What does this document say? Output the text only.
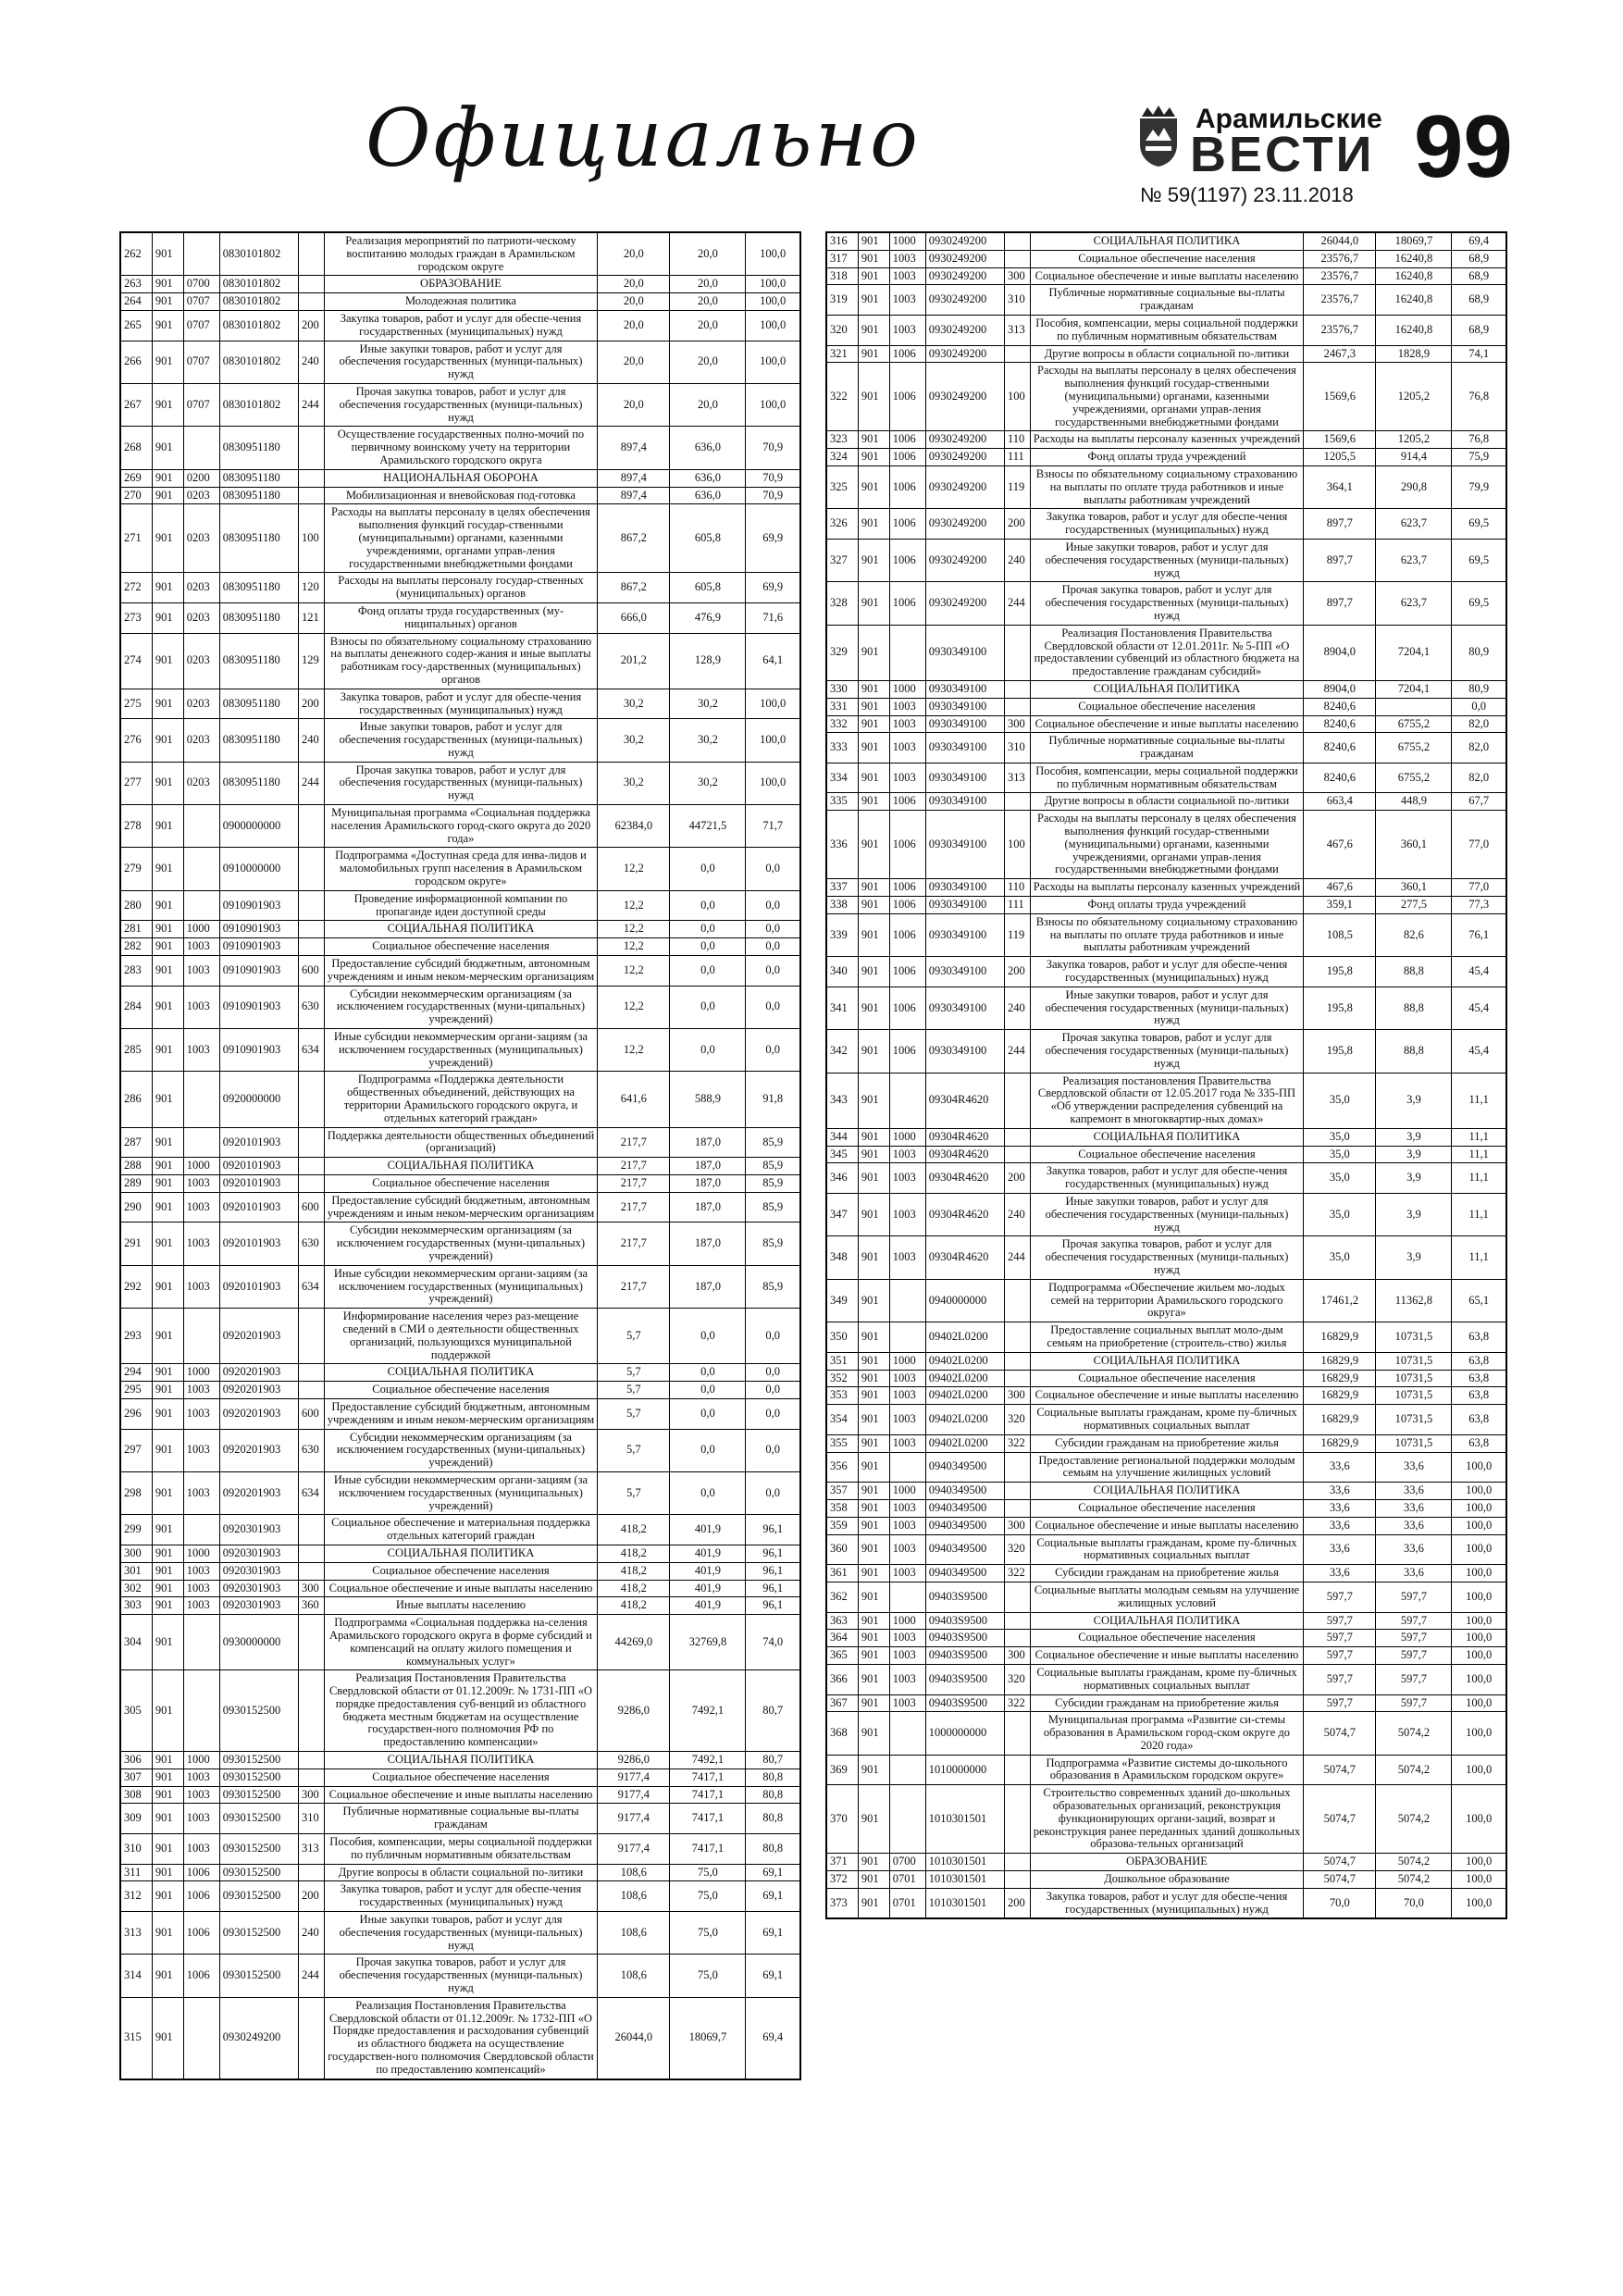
Официально	Арамильские
ВЕСТИ 99
№ 59(1197) 23.11.2018
262	901		0830101802		Реализация мероприятий по патриоти-ческому воспитанию молодых граждан в Арамильском городском округе	20,0	20,0	100,0
263	901	0700	0830101802		ОБРАЗОВАНИЕ	20,0	20,0	100,0
264	901	0707	0830101802		Молодежная политика	20,0	20,0	100,0
265	901	0707	0830101802	200	Закупка товаров, работ и услуг для обеспе-чения государственных (муниципальных) нужд	20,0	20,0	100,0
266	901	0707	0830101802	240	Иные закупки товаров, работ и услуг для обеспечения государственных (муници-пальных) нужд	20,0	20,0	100,0
267	901	0707	0830101802	244	Прочая закупка товаров, работ и услуг для обеспечения государственных (муници-пальных) нужд	20,0	20,0	100,0
268	901		0830951180		Осуществление государственных полно-мочий по первичному воинскому учету на территории Арамильского городского округа	897,4	636,0	70,9
269	901	0200	0830951180		НАЦИОНАЛЬНАЯ ОБОРОНА	897,4	636,0	70,9
270	901	0203	0830951180		Мобилизационная и вневойсковая под-готовка	897,4	636,0	70,9
271	901	0203	0830951180	100	Расходы на выплаты персоналу в целях обеспечения выполнения функций государ-ственными (муниципальными) органами, казенными учреждениями, органами управ-ления государственными внебюджетными фондами	867,2	605,8	69,9
272	901	0203	0830951180	120	Расходы на выплаты персоналу государ-ственных (муниципальных) органов	867,2	605,8	69,9
273	901	0203	0830951180	121	Фонд оплаты труда государственных (му-ниципальных) органов	666,0	476,9	71,6
274	901	0203	0830951180	129	Взносы по обязательному социальному страхованию на выплаты денежного содер-жания и иные выплаты работникам госу-дарственных (муниципальных) органов	201,2	128,9	64,1
275	901	0203	0830951180	200	Закупка товаров, работ и услуг для обеспе-чения государственных (муниципальных) нужд	30,2	30,2	100,0
276	901	0203	0830951180	240	Иные закупки товаров, работ и услуг для обеспечения государственных (муници-пальных) нужд	30,2	30,2	100,0
277	901	0203	0830951180	244	Прочая закупка товаров, работ и услуг для обеспечения государственных (муници-пальных) нужд	30,2	30,2	100,0
278	901		0900000000		Муниципальная программа «Социальная поддержка населения Арамильского город-ского округа до 2020 года»	62384,0	44721,5	71,7
279	901		0910000000		Подпрограмма «Доступная среда для инва-лидов и маломобильных групп населения в Арамильском городском округе»	12,2	0,0	0,0
280	901		0910901903		Проведение информационной компании по пропаганде идеи доступной среды	12,2	0,0	0,0
281	901	1000	0910901903		СОЦИАЛЬНАЯ ПОЛИТИКА	12,2	0,0	0,0
282	901	1003	0910901903		Социальное обеспечение населения	12,2	0,0	0,0
283	901	1003	0910901903	600	Предоставление субсидий бюджетным, автономным учреждениям и иным неком-мерческим организациям	12,2	0,0	0,0
284	901	1003	0910901903	630	Субсидии некоммерческим организациям (за исключением государственных (муни-ципальных) учреждений)	12,2	0,0	0,0
285	901	1003	0910901903	634	Иные субсидии некоммерческим органи-зациям (за исключением государственных (муниципальных) учреждений)	12,2	0,0	0,0
286	901		0920000000		Подпрограмма «Поддержка деятельности общественных объединений, действующих на территории Арамильского городского округа, и отдельных категорий граждан»	641,6	588,9	91,8
287	901		0920101903		Поддержка деятельности общественных объединений (организаций)	217,7	187,0	85,9
288	901	1000	0920101903		СОЦИАЛЬНАЯ ПОЛИТИКА	217,7	187,0	85,9
289	901	1003	0920101903		Социальное обеспечение населения	217,7	187,0	85,9
290	901	1003	0920101903	600	Предоставление субсидий бюджетным, автономным учреждениям и иным неком-мерческим организациям	217,7	187,0	85,9
291	901	1003	0920101903	630	Субсидии некоммерческим организациям (за исключением государственных (муни-ципальных) учреждений)	217,7	187,0	85,9
292	901	1003	0920101903	634	Иные субсидии некоммерческим органи-зациям (за исключением государственных (муниципальных) учреждений)	217,7	187,0	85,9
293	901		0920201903		Информирование населения через раз-мещение сведений в СМИ о деятельности общественных организаций, пользующихся муниципальной поддержкой	5,7	0,0	0,0
294	901	1000	0920201903		СОЦИАЛЬНАЯ ПОЛИТИКА	5,7	0,0	0,0
295	901	1003	0920201903		Социальное обеспечение населения	5,7	0,0	0,0
296	901	1003	0920201903	600	Предоставление субсидий бюджетным, автономным учреждениям и иным неком-мерческим организациям	5,7	0,0	0,0
297	901	1003	0920201903	630	Субсидии некоммерческим организациям (за исключением государственных (муни-ципальных) учреждений)	5,7	0,0	0,0
298	901	1003	0920201903	634	Иные субсидии некоммерческим органи-зациям (за исключением государственных (муниципальных) учреждений)	5,7	0,0	0,0
299	901		0920301903		Социальное обеспечение и материальная поддержка отдельных категорий граждан	418,2	401,9	96,1
300	901	1000	0920301903		СОЦИАЛЬНАЯ ПОЛИТИКА	418,2	401,9	96,1
301	901	1003	0920301903		Социальное обеспечение населения	418,2	401,9	96,1
302	901	1003	0920301903	300	Социальное обеспечение и иные выплаты населению	418,2	401,9	96,1
303	901	1003	0920301903	360	Иные выплаты населению	418,2	401,9	96,1
304	901		0930000000		Подпрограмма «Социальная поддержка на-селения Арамильского городского округа в форме субсидий и компенсаций на оплату жилого помещения и коммунальных услуг»	44269,0	32769,8	74,0
305	901		0930152500		Реализация Постановления Правительства Свердловской области от 01.12.2009г. № 1731-ПП «О порядке предоставления суб-венций из областного бюджета местным бюджетам на осуществление государствен-ного полномочия РФ по предоставлению компенсации»	9286,0	7492,1	80,7
306	901	1000	0930152500		СОЦИАЛЬНАЯ ПОЛИТИКА	9286,0	7492,1	80,7
307	901	1003	0930152500		Социальное обеспечение населения	9177,4	7417,1	80,8
308	901	1003	0930152500	300	Социальное обеспечение и иные выплаты населению	9177,4	7417,1	80,8
309	901	1003	0930152500	310	Публичные нормативные социальные вы-платы гражданам	9177,4	7417,1	80,8
310	901	1003	0930152500	313	Пособия, компенсации, меры социальной поддержки по публичным нормативным обязательствам	9177,4	7417,1	80,8
311	901	1006	0930152500		Другие вопросы в области социальной по-литики	108,6	75,0	69,1
312	901	1006	0930152500	200	Закупка товаров, работ и услуг для обеспе-чения государственных (муниципальных) нужд	108,6	75,0	69,1
313	901	1006	0930152500	240	Иные закупки товаров, работ и услуг для обеспечения государственных (муници-пальных) нужд	108,6	75,0	69,1
314	901	1006	0930152500	244	Прочая закупка товаров, работ и услуг для обеспечения государственных (муници-пальных) нужд	108,6	75,0	69,1
315	901		0930249200		Реализация Постановления Правительства Свердловской области от 01.12.2009г. № 1732-ПП «О Порядке предоставления и расходования субвенций из областного бюджета на осуществление государствен-ного полномочия Свердловской области по предоставлению компенсаций»	26044,0	18069,7	69,4
316	901	1000	0930249200		СОЦИАЛЬНАЯ ПОЛИТИКА	26044,0	18069,7	69,4
317	901	1003	0930249200		Социальное обеспечение населения	23576,7	16240,8	68,9
318	901	1003	0930249200	300	Социальное обеспечение и иные выплаты населению	23576,7	16240,8	68,9
319	901	1003	0930249200	310	Публичные нормативные социальные вы-платы гражданам	23576,7	16240,8	68,9
320	901	1003	0930249200	313	Пособия, компенсации, меры социальной поддержки по публичным нормативным обязательствам	23576,7	16240,8	68,9
321	901	1006	0930249200		Другие вопросы в области социальной по-литики	2467,3	1828,9	74,1
322	901	1006	0930249200	100	Расходы на выплаты персоналу в целях обеспечения выполнения функций государ-ственными (муниципальными) органами, казенными учреждениями, органами управ-ления государственными внебюджетными фондами	1569,6	1205,2	76,8
323	901	1006	0930249200	110	Расходы на выплаты персоналу казенных учреждений	1569,6	1205,2	76,8
324	901	1006	0930249200	111	Фонд оплаты труда учреждений	1205,5	914,4	75,9
325	901	1006	0930249200	119	Взносы по обязательному социальному страхованию на выплаты по оплате труда работников и иные выплаты работникам учреждений	364,1	290,8	79,9
326	901	1006	0930249200	200	Закупка товаров, работ и услуг для обеспе-чения государственных (муниципальных) нужд	897,7	623,7	69,5
327	901	1006	0930249200	240	Иные закупки товаров, работ и услуг для обеспечения государственных (муници-пальных) нужд	897,7	623,7	69,5
328	901	1006	0930249200	244	Прочая закупка товаров, работ и услуг для обеспечения государственных (муници-пальных) нужд	897,7	623,7	69,5
329	901		0930349100		Реализация Постановления Правительства Свердловской области от 12.01.2011г. № 5-ПП «О предоставлении субвенций из областного бюджета на предоставление гражданам субсидий»	8904,0	7204,1	80,9
330	901	1000	0930349100		СОЦИАЛЬНАЯ ПОЛИТИКА	8904,0	7204,1	80,9
331	901	1003	0930349100		Социальное обеспечение населения	8240,6		0,0
332	901	1003	0930349100	300	Социальное обеспечение и иные выплаты населению	8240,6	6755,2	82,0
333	901	1003	0930349100	310	Публичные нормативные социальные вы-платы гражданам	8240,6	6755,2	82,0
334	901	1003	0930349100	313	Пособия, компенсации, меры социальной поддержки по публичным нормативным обязательствам	8240,6	6755,2	82,0
335	901	1006	0930349100		Другие вопросы в области социальной по-литики	663,4	448,9	67,7
336	901	1006	0930349100	100	Расходы на выплаты персоналу в целях обеспечения выполнения функций государ-ственными (муниципальными) органами, казенными учреждениями, органами управ-ления государственными внебюджетными фондами	467,6	360,1	77,0
337	901	1006	0930349100	110	Расходы на выплаты персоналу казенных учреждений	467,6	360,1	77,0
338	901	1006	0930349100	111	Фонд оплаты труда учреждений	359,1	277,5	77,3
339	901	1006	0930349100	119	Взносы по обязательному социальному страхованию на выплаты по оплате труда работников и иные выплаты работникам учреждений	108,5	82,6	76,1
340	901	1006	0930349100	200	Закупка товаров, работ и услуг для обеспе-чения государственных (муниципальных) нужд	195,8	88,8	45,4
341	901	1006	0930349100	240	Иные закупки товаров, работ и услуг для обеспечения государственных (муници-пальных) нужд	195,8	88,8	45,4
342	901	1006	0930349100	244	Прочая закупка товаров, работ и услуг для обеспечения государственных (муници-пальных) нужд	195,8	88,8	45,4
343	901		09304R4620		Реализация постановления Правительства Свердловской области от 12.05.2017 года № 335-ПП «Об утверждении распределения субвенций на капремонт в многоквартир-ных домах»	35,0	3,9	11,1
344	901	1000	09304R4620		СОЦИАЛЬНАЯ ПОЛИТИКА	35,0	3,9	11,1
345	901	1003	09304R4620		Социальное обеспечение населения	35,0	3,9	11,1
346	901	1003	09304R4620	200	Закупка товаров, работ и услуг для обеспе-чения государственных (муниципальных) нужд	35,0	3,9	11,1
347	901	1003	09304R4620	240	Иные закупки товаров, работ и услуг для обеспечения государственных (муници-пальных) нужд	35,0	3,9	11,1
348	901	1003	09304R4620	244	Прочая закупка товаров, работ и услуг для обеспечения государственных (муници-пальных) нужд	35,0	3,9	11,1
349	901		0940000000		Подпрограмма «Обеспечение жильем мо-лодых семей на территории Арамильского городского округа»	17461,2	11362,8	65,1
350	901		09402L0200		Предоставление социальных выплат моло-дым семьям на приобретение (строитель-ство) жилья	16829,9	10731,5	63,8
351	901	1000	09402L0200		СОЦИАЛЬНАЯ ПОЛИТИКА	16829,9	10731,5	63,8
352	901	1003	09402L0200		Социальное обеспечение населения	16829,9	10731,5	63,8
353	901	1003	09402L0200	300	Социальное обеспечение и иные выплаты населению	16829,9	10731,5	63,8
354	901	1003	09402L0200	320	Социальные выплаты гражданам, кроме пу-бличных нормативных социальных выплат	16829,9	10731,5	63,8
355	901	1003	09402L0200	322	Субсидии гражданам на приобретение жилья	16829,9	10731,5	63,8
356	901		0940349500		Предоставление региональной поддержки молодым семьям на улучшение жилищных условий	33,6	33,6	100,0
357	901	1000	0940349500		СОЦИАЛЬНАЯ ПОЛИТИКА	33,6	33,6	100,0
358	901	1003	0940349500		Социальное обеспечение населения	33,6	33,6	100,0
359	901	1003	0940349500	300	Социальное обеспечение и иные выплаты населению	33,6	33,6	100,0
360	901	1003	0940349500	320	Социальные выплаты гражданам, кроме пу-бличных нормативных социальных выплат	33,6	33,6	100,0
361	901	1003	0940349500	322	Субсидии гражданам на приобретение жилья	33,6	33,6	100,0
362	901		09403S9500		Социальные выплаты молодым семьям на улучшение жилищных условий	597,7	597,7	100,0
363	901	1000	09403S9500		СОЦИАЛЬНАЯ ПОЛИТИКА	597,7	597,7	100,0
364	901	1003	09403S9500		Социальное обеспечение населения	597,7	597,7	100,0
365	901	1003	09403S9500	300	Социальное обеспечение и иные выплаты населению	597,7	597,7	100,0
366	901	1003	09403S9500	320	Социальные выплаты гражданам, кроме пу-бличных нормативных социальных выплат	597,7	597,7	100,0
367	901	1003	09403S9500	322	Субсидии гражданам на приобретение жилья	597,7	597,7	100,0
368	901		1000000000		Муниципальная программа «Развитие си-стемы образования в Арамильском город-ском округе до 2020 года»	5074,7	5074,2	100,0
369	901		1010000000		Подпрограмма «Развитие системы до-школьного образования в Арамильском городском округе»	5074,7	5074,2	100,0
370	901		1010301501		Строительство современных зданий до-школьных образовательных организаций, реконструкция функционирующих органи-заций, возврат и реконструкция ранее переданных зданий дошкольных образова-тельных организаций	5074,7	5074,2	100,0
371	901	0700	1010301501		ОБРАЗОВАНИЕ	5074,7	5074,2	100,0
372	901	0701	1010301501		Дошкольное образование	5074,7	5074,2	100,0
373	901	0701	1010301501	200	Закупка товаров, работ и услуг для обеспе-чения государственных (муниципальных) нужд	70,0	70,0	100,0
